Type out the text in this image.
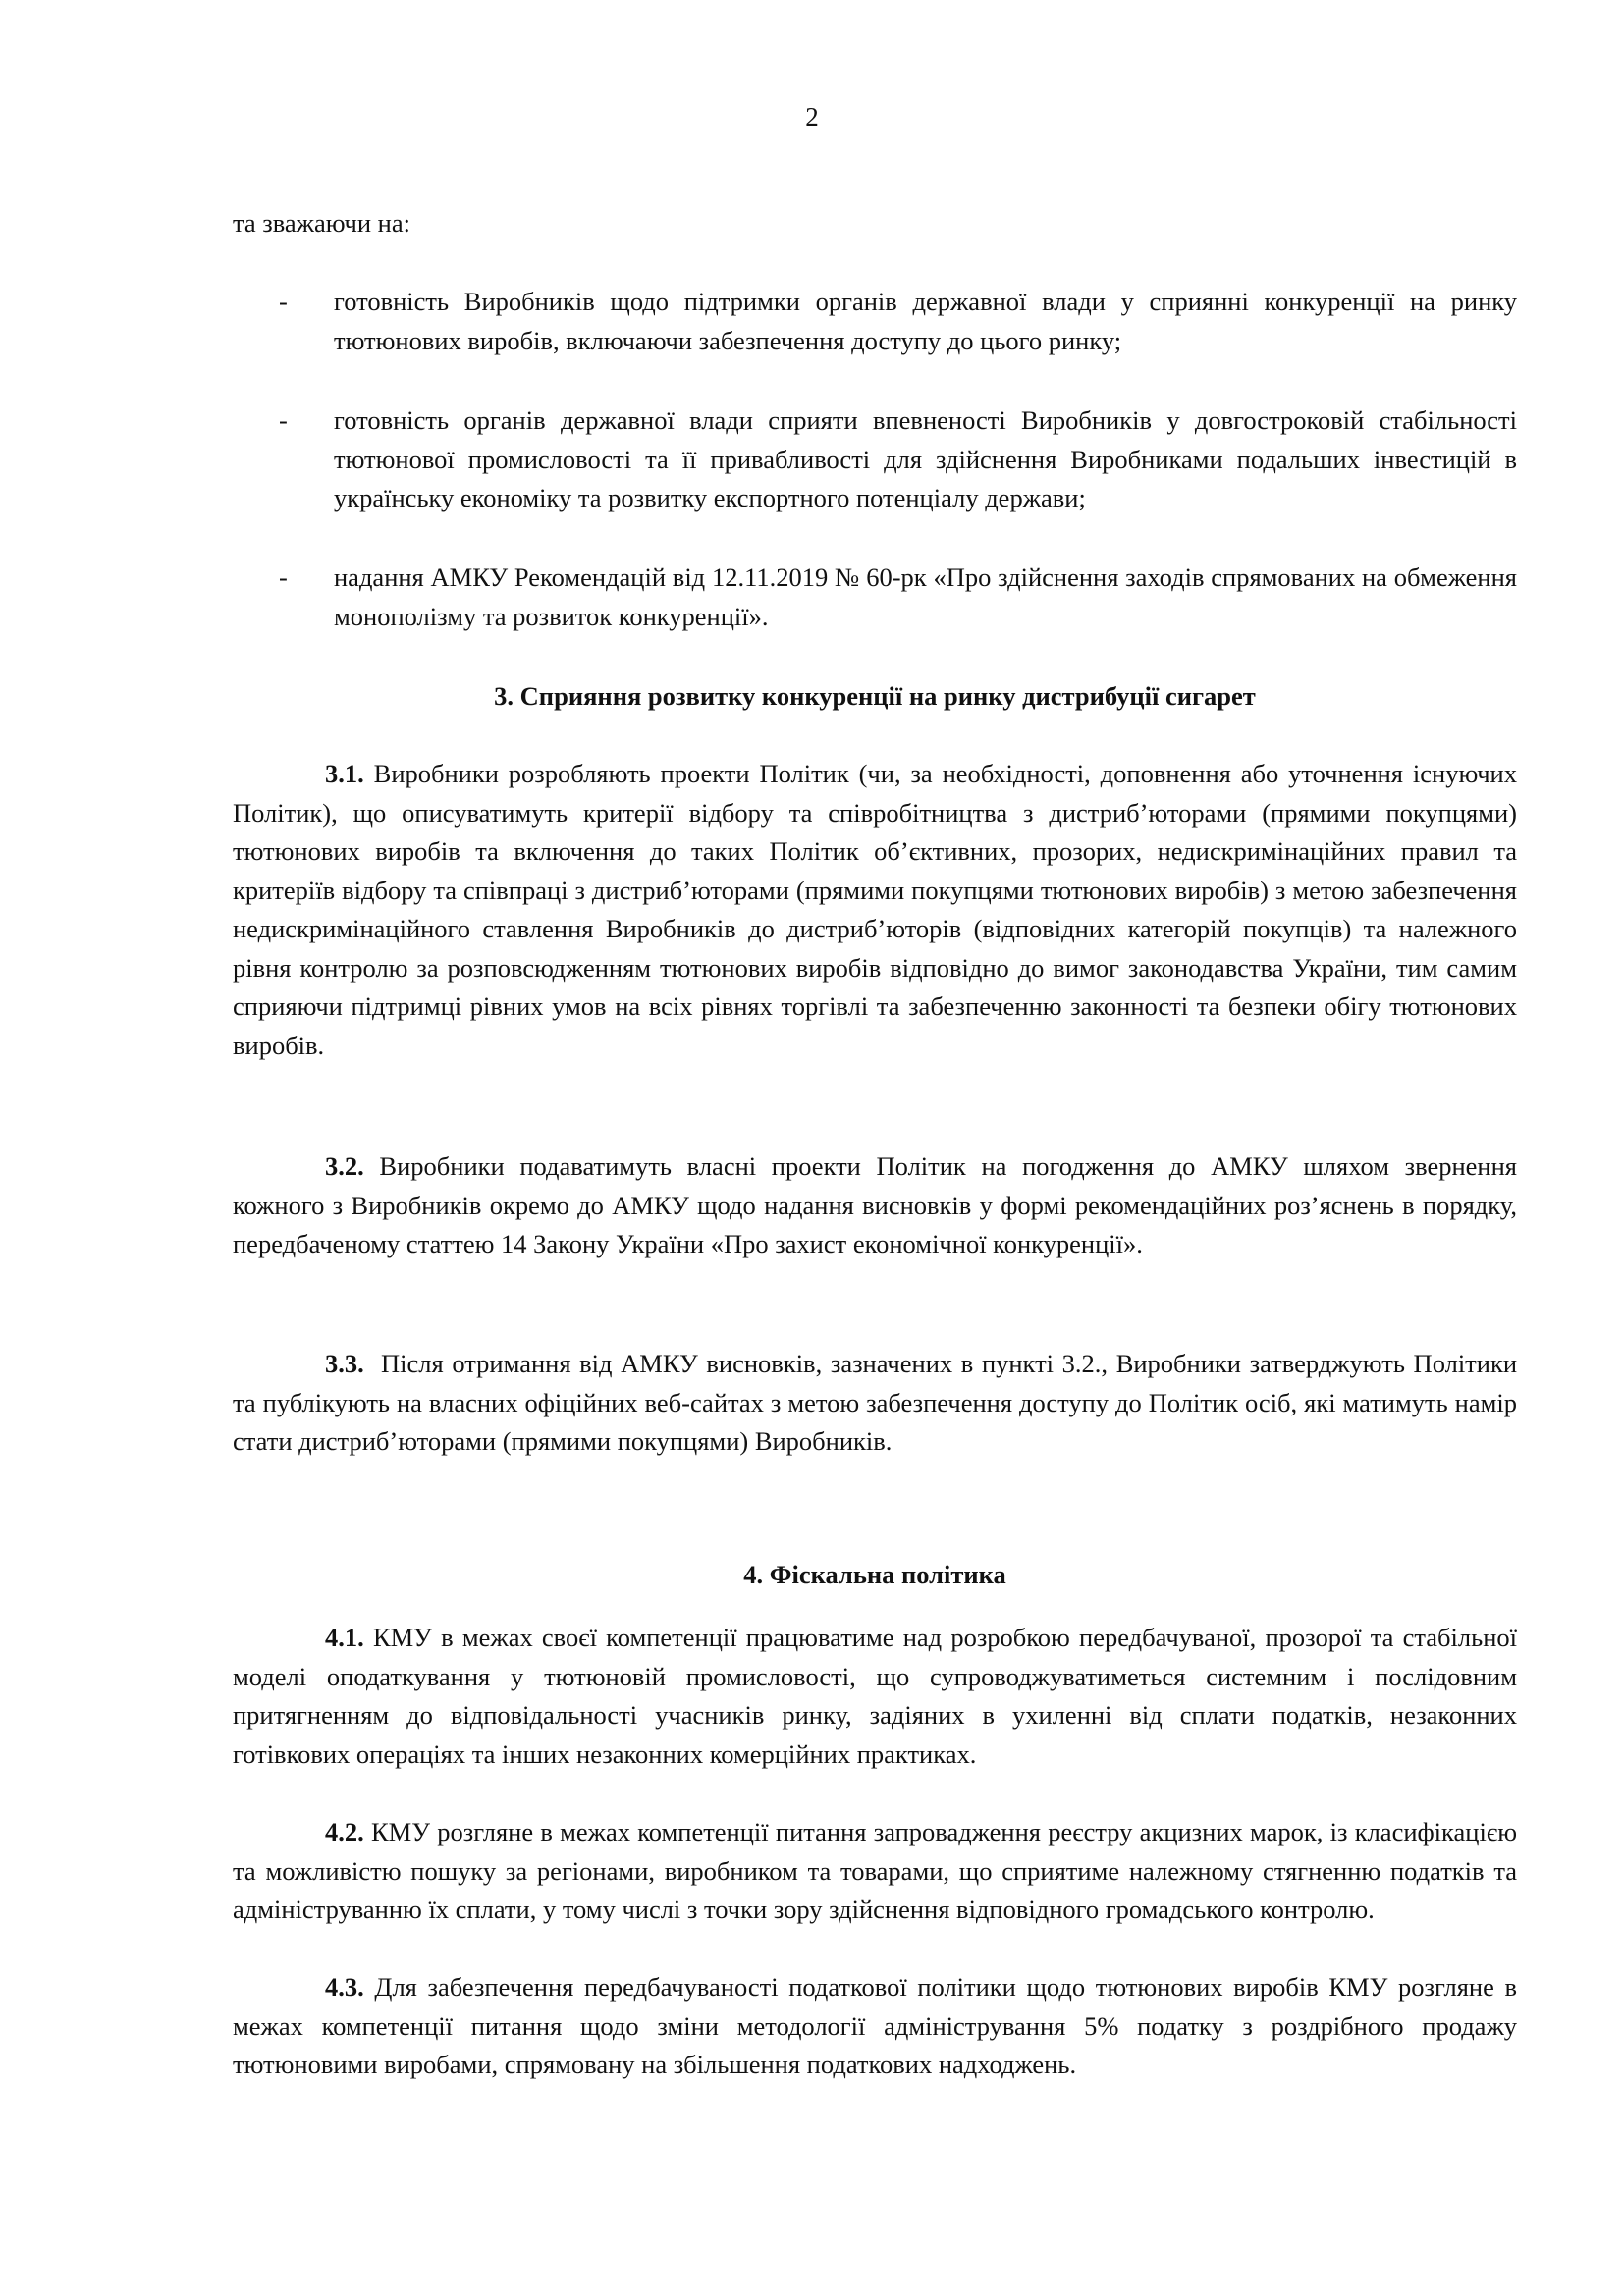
2
та зважаючи на:
- готовність Виробників щодо підтримки органів державної влади у сприянні конкуренції на ринку тютюнових виробів, включаючи забезпечення доступу до цього ринку;
- готовність органів державної влади сприяти впевненості Виробників у довгостроковій стабільності тютюнової промисловості та її привабливості для здійснення Виробниками подальших інвестицій в українську економіку та розвитку експортного потенціалу держави;
- надання АМКУ Рекомендацій від 12.11.2019 № 60-рк «Про здійснення заходів спрямованих на обмеження монополізму та розвиток конкуренції».
3. Сприяння розвитку конкуренції на ринку дистрибуції сигарет
3.1. Виробники розробляють проекти Політик (чи, за необхідності, доповнення або уточнення існуючих Політик), що описуватимуть критерії відбору та співробітництва з дистриб’юторами (прямими покупцями) тютюнових виробів та включення до таких Політик об’єктивних, прозорих, недискримінаційних правил та критеріїв відбору та співпраці з дистриб’юторами (прямими покупцями тютюнових виробів) з метою забезпечення недискримінаційного ставлення Виробників до дистриб’юторів (відповідних категорій покупців) та належного рівня контролю за розповсюдженням тютюнових виробів відповідно до вимог законодавства України, тим самим сприяючи підтримці рівних умов на всіх рівнях торгівлі та забезпеченню законності та безпеки обігу тютюнових виробів.
3.2. Виробники подаватимуть власні проекти Політик на погодження до АМКУ шляхом звернення кожного з Виробників окремо до АМКУ щодо надання висновків у формі рекомендаційних роз’яснень в порядку, передбаченому статтею 14 Закону України «Про захист економічної конкуренції».
3.3.  Після отримання від АМКУ висновків, зазначених в пункті 3.2., Виробники затверджують Політики та публікують на власних офіційних веб-сайтах з метою забезпечення доступу до Політик осіб, які матимуть намір стати дистриб’юторами (прямими покупцями) Виробників.
4. Фіскальна політика
4.1. КМУ в межах своєї компетенції працюватиме над розробкою передбачуваної, прозорої та стабільної моделі оподаткування у тютюновій промисловості, що супроводжуватиметься системним і послідовним притягненням до відповідальності учасників ринку, задіяних в ухиленні від сплати податків, незаконних готівкових операціях та інших незаконних комерційних практиках.
4.2. КМУ розгляне в межах компетенції питання запровадження реєстру акцизних марок, із класифікацією та можливістю пошуку за регіонами, виробником та товарами, що сприятиме належному стягненню податків та адмініструванню їх сплати, у тому числі з точки зору здійснення відповідного громадського контролю.
4.3. Для забезпечення передбачуваності податкової політики щодо тютюнових виробів КМУ розгляне в межах компетенції питання щодо зміни методології адміністрування 5% податку з роздрібного продажу тютюновими виробами, спрямовану на збільшення податкових надходжень.
